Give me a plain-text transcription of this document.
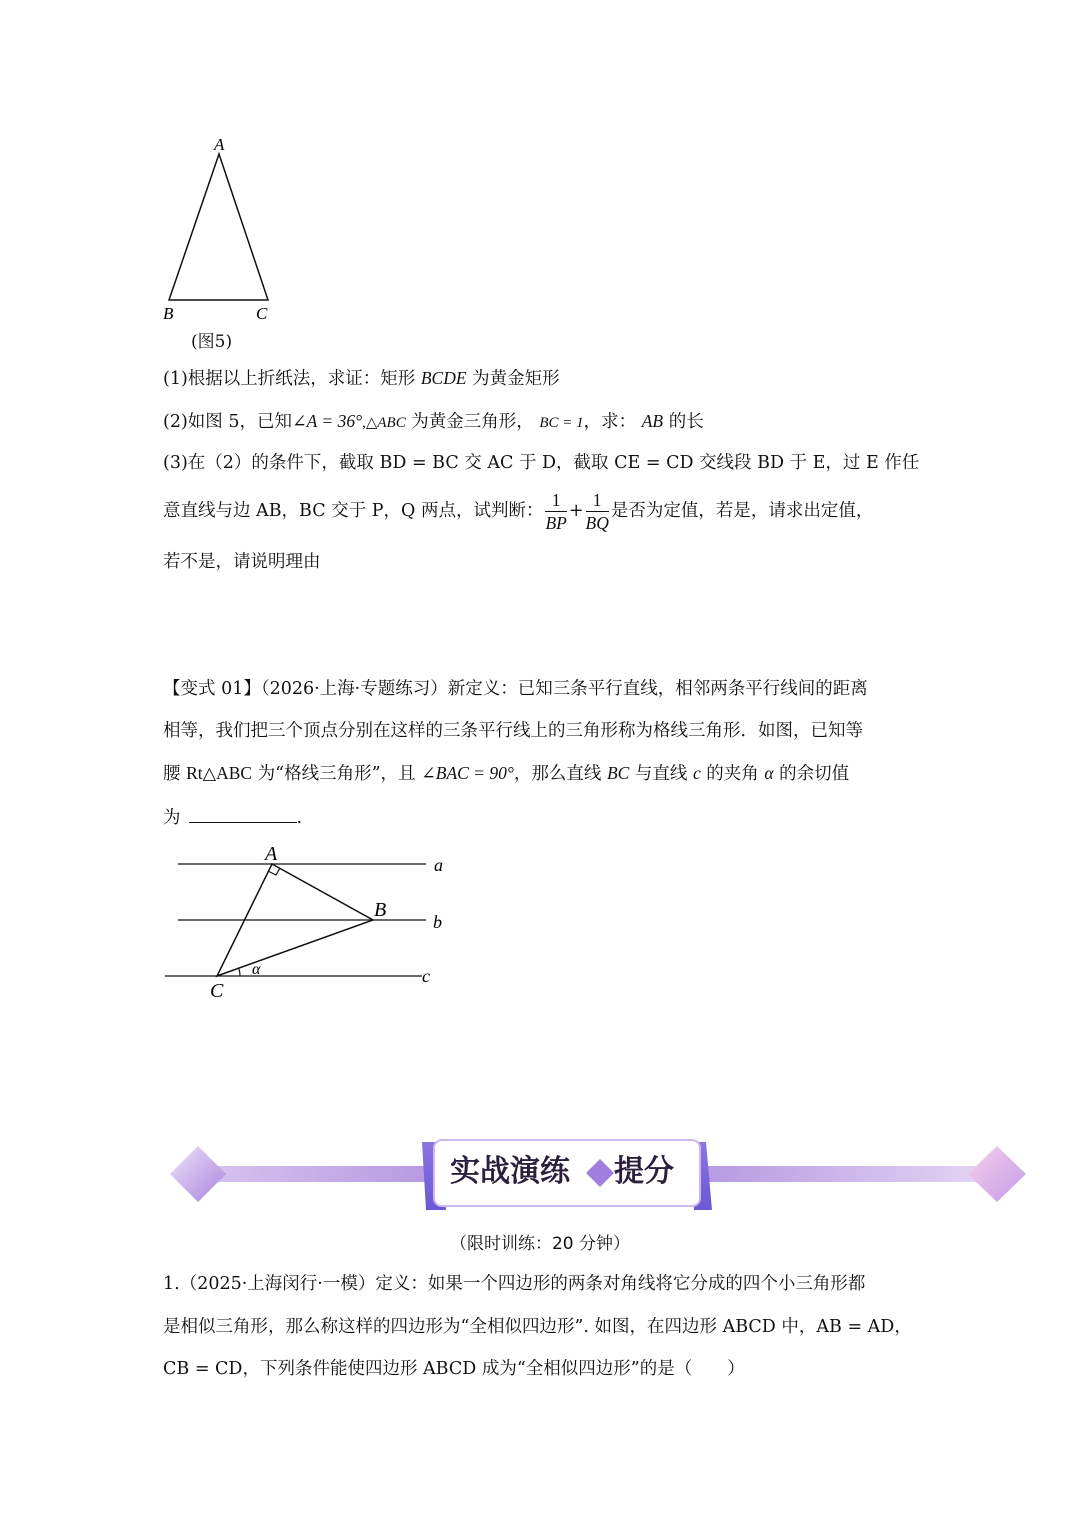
A
B	C
(图5)
(1)根据以上折纸法，求证：矩形 BCDE 为黄金矩形
(2)如图 5，已知∠A = 36°,△ABC 为黄金三角形， BC = 1，求： AB 的长
(3)在（2）的条件下，截取 BD = BC 交 AC 于 D，截取 CE = CD 交线段 BD 于 E，过 E 作任
意直线与边 AB，BC 交于 P，Q 两点，试判断： $\frac{1}{BP} + \frac{1}{BQ}$ 是否为定值，若是，请求出定值，
若不是，请说明理由
【变式 01】（2026·上海·专题练习）新定义：已知三条平行直线，相邻两条平行线间的距离
相等，我们把三个顶点分别在这样的三条平行线上的三角形称为格线三角形．如图，已知等
腰 Rt△ABC 为“格线三角形”，且 ∠BAC = 90°，那么直线 BC 与直线 c 的夹角 α 的余切值
为	.
A
B
C
a
b
c
α
实战演练 提分
（限时训练：20 分钟）
1.（2025·上海闵行·一模）定义：如果一个四边形的两条对角线将它分成的四个小三角形都
是相似三角形，那么称这样的四边形为“全相似四边形”. 如图，在四边形 ABCD 中，AB = AD，
CB = CD，下列条件能使四边形 ABCD 成为“全相似四边形”的是（　　）
